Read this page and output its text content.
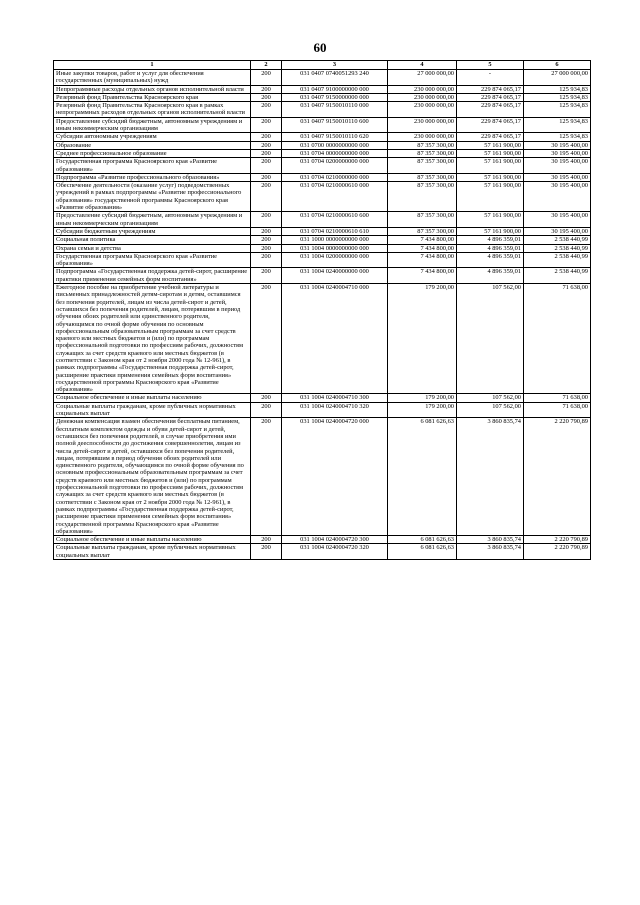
60
1	2	3	4	5	6
Иные закупки товаров, работ и услуг для обеспечения государственных (муниципальных) нужд	200	031 0407 0740051293 240	27 000 000,00	-	27 000 000,00
Непрограммные расходы отдельных органов исполнительной власти	200	031 0407 9100000000 000	230 000 000,00	229 874 065,17	125 934,83
Резервный фонд Правительства Красноярского края	200	031 0407 9150000000 000	230 000 000,00	229 874 065,17	125 934,83
Резервный фонд Правительства Красноярского края в рамках непрограммных расходов отдельных органов исполнительной власти	200	031 0407 9150010110 000	230 000 000,00	229 874 065,17	125 934,83
Предоставление субсидий бюджетным, автономным учреждениям и иным некоммерческим организациям	200	031 0407 9150010110 600	230 000 000,00	229 874 065,17	125 934,83
Субсидии автономным учреждениям	200	031 0407 9150010110 620	230 000 000,00	229 874 065,17	125 934,83
Образование	200	031 0700 0000000000 000	87 357 300,00	57 161 900,00	30 195 400,00
Среднее профессиональное образование	200	031 0704 0000000000 000	87 357 300,00	57 161 900,00	30 195 400,00
Государственная программа Красноярского края «Развитие образования»	200	031 0704 0200000000 000	87 357 300,00	57 161 900,00	30 195 400,00
Подпрограмма «Развитие профессионального образования»	200	031 0704 0210000000 000	87 357 300,00	57 161 900,00	30 195 400,00
Обеспечение деятельности (оказание услуг) подведомственных учреждений в рамках подпрограммы «Развитие профессионального образования» государственной программы Красноярского края «Развитие образования»	200	031 0704 0210000610 000	87 357 300,00	57 161 900,00	30 195 400,00
Предоставление субсидий бюджетным, автономным учреждениям и иным некоммерческим организациям	200	031 0704 0210000610 600	87 357 300,00	57 161 900,00	30 195 400,00
Субсидии бюджетным учреждениям	200	031 0704 0210000610 610	87 357 300,00	57 161 900,00	30 195 400,00
Социальная политика	200	031 1000 0000000000 000	7 434 800,00	4 896 359,01	2 538 440,99
Охрана семьи и детства	200	031 1004 0000000000 000	7 434 800,00	4 896 359,01	2 538 440,99
Государственная программа Красноярского края «Развитие образования»	200	031 1004 0200000000 000	7 434 800,00	4 896 359,01	2 538 440,99
Подпрограмма «Государственная поддержка детей-сирот, расширение практики применения семейных форм воспитания»	200	031 1004 0240000000 000	7 434 800,00	4 896 359,01	2 538 440,99
Ежегодное пособие на приобретение учебной литературы и письменных принадлежностей детям-сиротам и детям, оставшимся без попечения родителей, лицам из числа детей-сирот и детей, оставшихся без попечения родителей, лицам, потерявшим в период обучения обоих родителей или единственного родителя, обучающимся по очной форме обучения по основным профессиональным образовательным программам за счет средств краевого или местных бюджетов и (или) по программам профессиональной подготовки по профессиям рабочих, должностям служащих за счет средств краевого или местных бюджетов (в соответствии с Законом края от 2 ноября 2000 года № 12-961), в рамках подпрограммы «Государственная поддержка детей-сирот, расширение практики применения семейных форм воспитания» государственной программы Красноярского края «Развитие образования»	200	031 1004 0240004710 000	179 200,00	107 562,00	71 638,00
Социальное обеспечение и иные выплаты населению	200	031 1004 0240004710 300	179 200,00	107 562,00	71 638,00
Социальные выплаты гражданам, кроме публичных нормативных социальных выплат	200	031 1004 0240004710 320	179 200,00	107 562,00	71 638,00
Денежная компенсация взамен обеспечения бесплатным питанием, бесплатным комплектом одежды и обуви детей-сирот и детей, оставшихся без попечения родителей, в случае приобретения ими полной дееспособности до достижения совершеннолетия, лицам из числа детей-сирот и детей, оставшихся без попечения родителей, лицам, потерявшим в период обучения обоих родителей или единственного родителя, обучающимся по очной форме обучения по основным профессиональным образовательным программам за счет средств краевого или местных бюджетов и (или) по программам профессиональной подготовки по профессиям рабочих, должностям служащих за счет средств краевого или местных бюджетов (в соответствии с Законом края от 2 ноября 2000 года № 12-961), в рамках подпрограммы «Государственная поддержка детей-сирот, расширение практики применения семейных форм воспитания» государственной программы Красноярского края «Развитие образования»	200	031 1004 0240004720 000	6 081 626,63	3 860 835,74	2 220 790,89
Социальное обеспечение и иные выплаты населению	200	031 1004 0240004720 300	6 081 626,63	3 860 835,74	2 220 790,89
Социальные выплаты гражданам, кроме публичных нормативных социальных выплат	200	031 1004 0240004720 320	6 081 626,63	3 860 835,74	2 220 790,89
